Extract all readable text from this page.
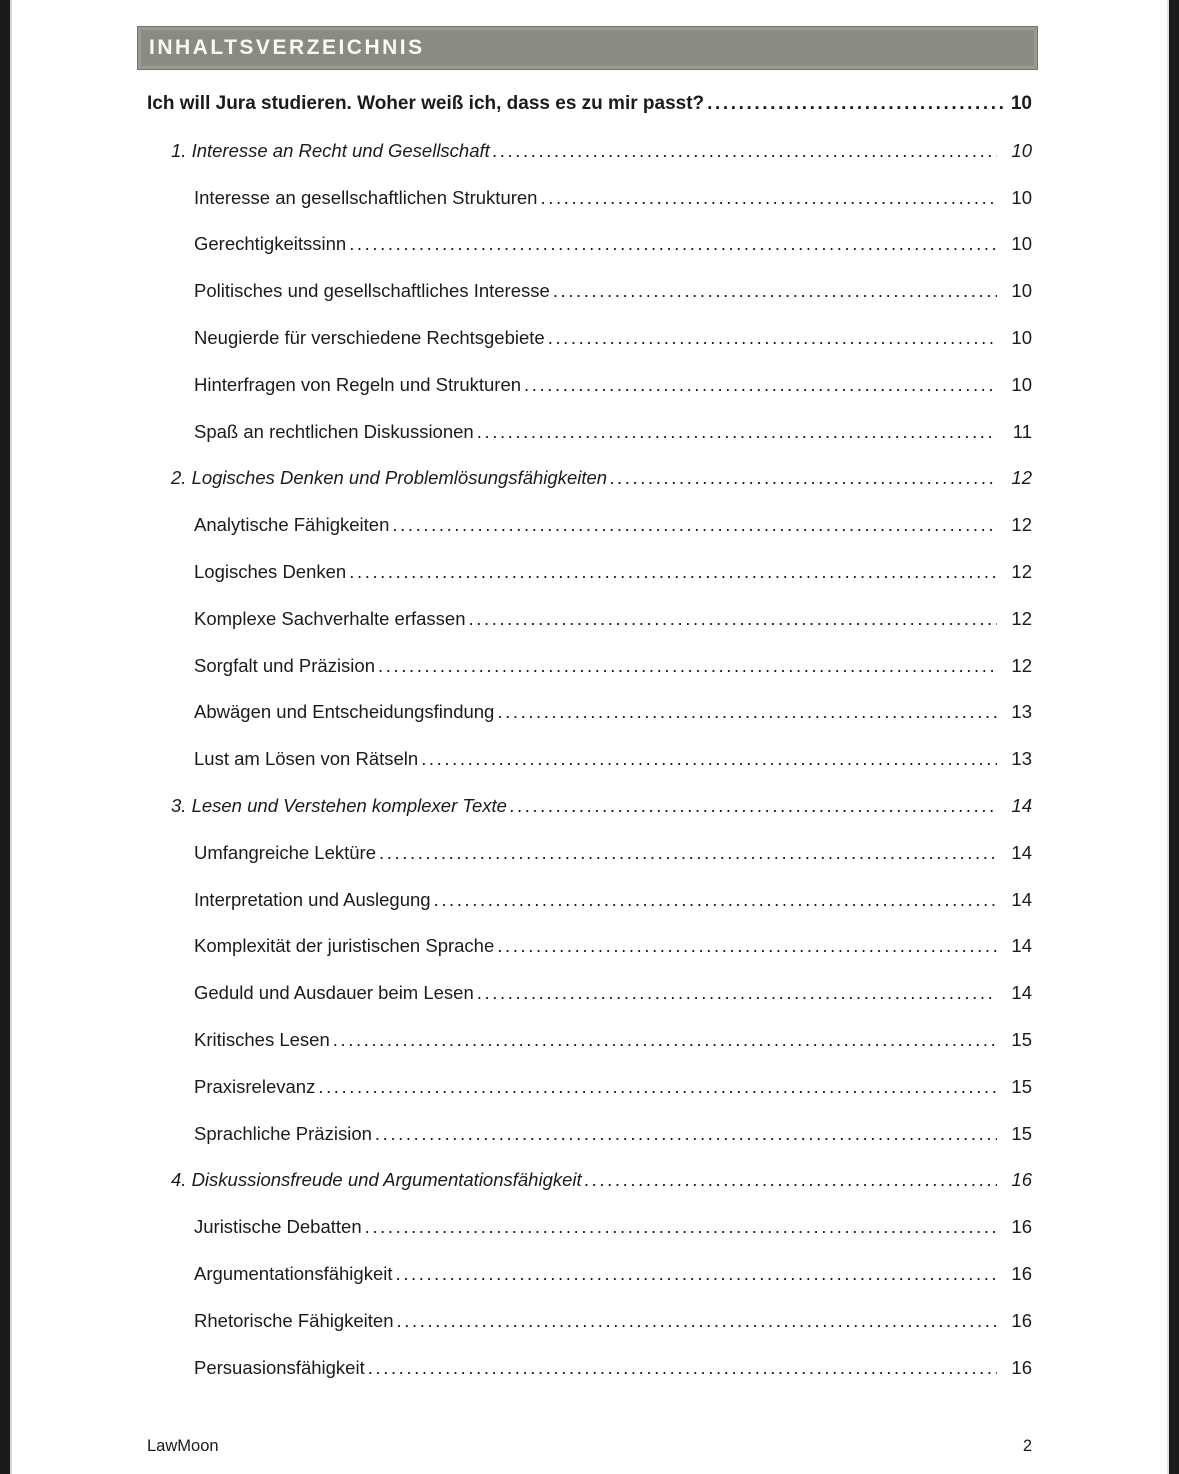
INHALTSVERZEICHNIS
Ich will Jura studieren. Woher weiß ich, dass es zu mir passt? .....	10
1. Interesse an Recht und Gesellschaft .....	10
Interesse an gesellschaftlichen Strukturen .....	10
Gerechtigkeitssinn .....	10
Politisches und gesellschaftliches Interesse .....	10
Neugierde für verschiedene Rechtsgebiete .....	10
Hinterfragen von Regeln und Strukturen .....	10
Spaß an rechtlichen Diskussionen .....	11
2. Logisches Denken und Problemlösungsfähigkeiten .....	12
Analytische Fähigkeiten .....	12
Logisches Denken .....	12
Komplexe Sachverhalte erfassen .....	12
Sorgfalt und Präzision .....	12
Abwägen und Entscheidungsfindung .....	13
Lust am Lösen von Rätseln .....	13
3. Lesen und Verstehen komplexer Texte .....	14
Umfangreiche Lektüre .....	14
Interpretation und Auslegung .....	14
Komplexität der juristischen Sprache .....	14
Geduld und Ausdauer beim Lesen .....	14
Kritisches Lesen .....	15
Praxisrelevanz .....	15
Sprachliche Präzision .....	15
4. Diskussionsfreude und Argumentationsfähigkeit .....	16
Juristische Debatten .....	16
Argumentationsfähigkeit .....	16
Rhetorische Fähigkeiten .....	16
Persuasionsfähigkeit .....	16
LawMoon	2
